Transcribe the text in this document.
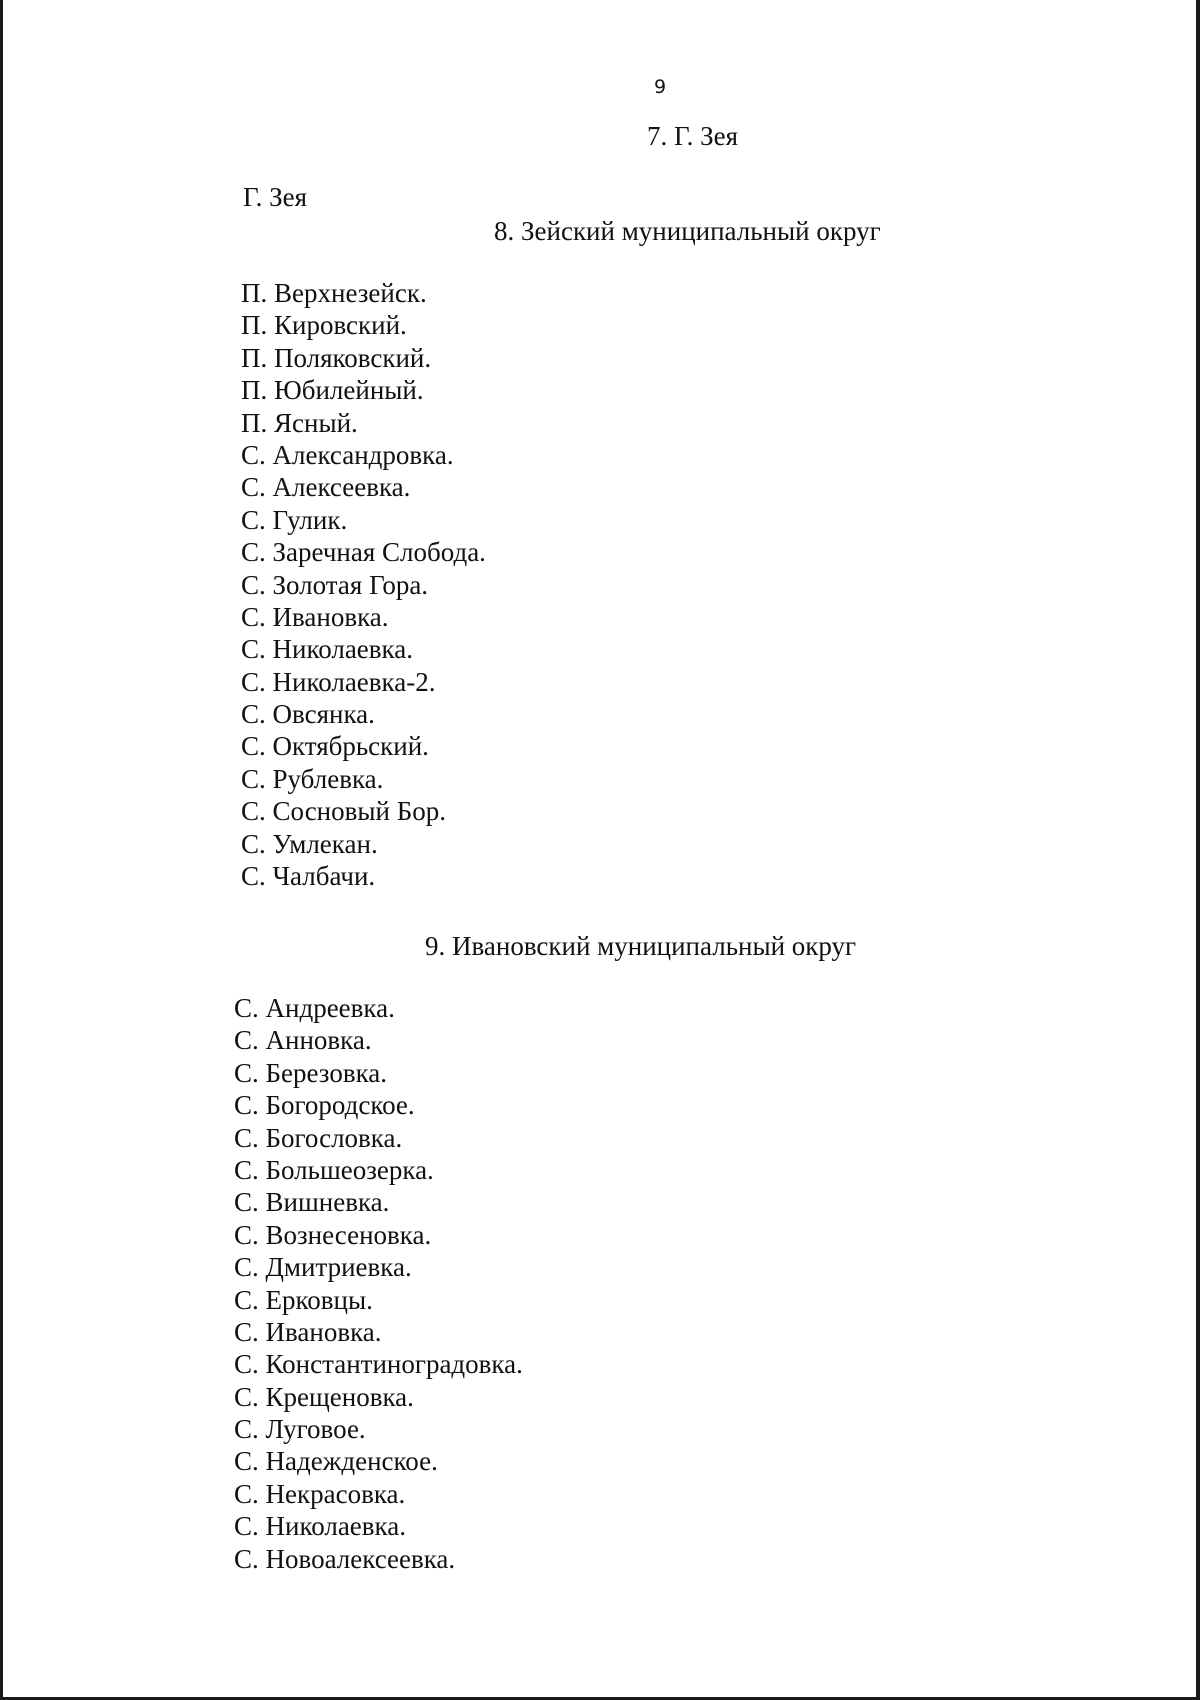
9
7. Г. Зея
Г. Зея
8. Зейский муниципальный округ
П. Верхнезейск.
П. Кировский.
П. Поляковский.
П. Юбилейный.
П. Ясный.
С. Александровка.
С. Алексеевка.
С. Гулик.
С. Заречная Слобода.
С. Золотая Гора.
С. Ивановка.
С. Николаевка.
С. Николаевка-2.
С. Овсянка.
С. Октябрьский.
С. Рублевка.
С. Сосновый Бор.
С. Умлекан.
С. Чалбачи.
9. Ивановский муниципальный округ
С. Андреевка.
С. Анновка.
С. Березовка.
С. Богородское.
С. Богословка.
С. Большеозерка.
С. Вишневка.
С. Вознесеновка.
С. Дмитриевка.
С. Ерковцы.
С. Ивановка.
С. Константиноградовка.
С. Крещеновка.
С. Луговое.
С. Надежденское.
С. Некрасовка.
С. Николаевка.
С. Новоалексеевка.
